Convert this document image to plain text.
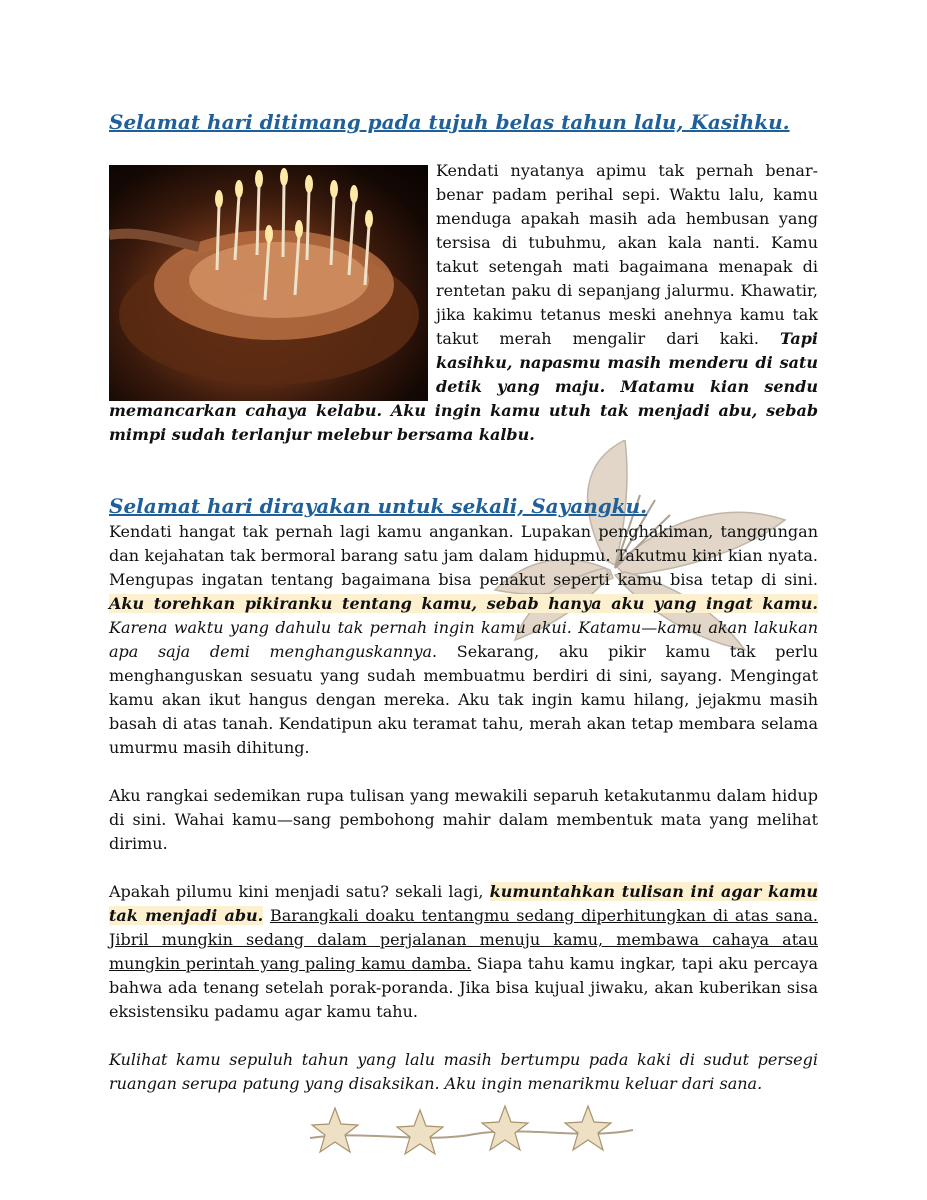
Selamat hari ditimang pada tujuh belas tahun lalu, Kasihku.

Kendati nyatanya apimu tak pernah benar-benar padam perihal sepi. Waktu lalu, kamu menduga apakah masih ada hembusan yang tersisa di tubuhmu, akan kala nanti. Kamu takut setengah mati bagaimana menapak di rentetan paku di sepanjang jalurmu. Khawatir, jika kakimu tetanus meski anehnya kamu tak takut merah mengalir dari kaki. Tapi kasihku, napasmu masih menderu di satu detik yang maju. Matamu kian sendu memancarkan cahaya kelabu. Aku ingin kamu utuh tak menjadi abu, sebab mimpi sudah terlanjur melebur bersama kalbu.

Selamat hari dirayakan untuk sekali, Sayangku.

Kendati hangat tak pernah lagi kamu angankan. Lupakan penghakiman, tanggungan dan kejahatan tak bermoral barang satu jam dalam hidupmu. Takutmu kini kian nyata. Mengupas ingatan tentang bagaimana bisa penakut seperti kamu bisa tetap di sini. Aku torehkan pikiranku tentang kamu, sebab hanya aku yang ingat kamu. Karena waktu yang dahulu tak pernah ingin kamu akui. Katamu—kamu akan lakukan apa saja demi menghanguskannya. Sekarang, aku pikir kamu tak perlu menghanguskan sesuatu yang sudah membuatmu berdiri di sini, sayang. Mengingat kamu akan ikut hangus dengan mereka. Aku tak ingin kamu hilang, jejakmu masih basah di atas tanah. Kendatipun aku teramat tahu, merah akan tetap membara selama umurmu masih dihitung.

Aku rangkai sedemikan rupa tulisan yang mewakili separuh ketakutanmu dalam hidup di sini. Wahai kamu—sang pembohong mahir dalam membentuk mata yang melihat dirimu.

Apakah pilumu kini menjadi satu? sekali lagi, kumuntahkan tulisan ini agar kamu tak menjadi abu. Barangkali doaku tentangmu sedang diperhitungkan di atas sana. Jibril mungkin sedang dalam perjalanan menuju kamu, membawa cahaya atau mungkin perintah yang paling kamu damba. Siapa tahu kamu ingkar, tapi aku percaya bahwa ada tenang setelah porak-poranda. Jika bisa kujual jiwaku, akan kuberikan sisa eksistensiku padamu agar kamu tahu.

Kulihat kamu sepuluh tahun yang lalu masih bertumpu pada kaki di sudut persegi ruangan serupa patung yang disaksikan. Aku ingin menarikmu keluar dari sana.
